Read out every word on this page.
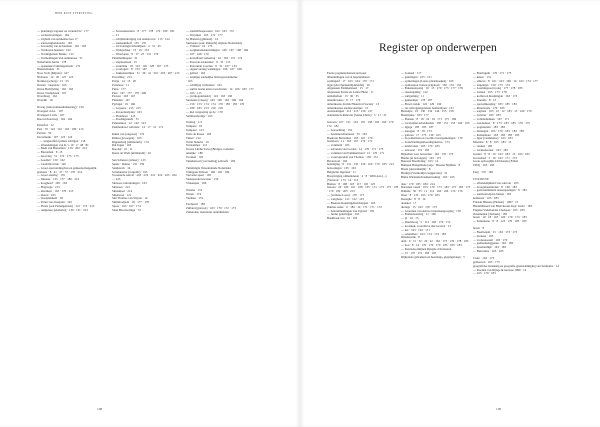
HIER RUST STERVELING
— plannings-vagoner en wrannel 62 · 177
— verdeelwoningen · 164
— vrijheid van Arnhemse leer 17
— aanwezigheidsrecht · 163
— bewoning van de heemen · 162 · 163
— Verdreven heemen · 162
— Vordingkrisen Bauke · 152
— Vermeldingen Van Ammersee · 51
Nederlands Antlie · 178
— opsteekers familiegeslacht · 172
Nieuwemolen · 31
Noor Toch (Mijnen) · 107
Nicholas · 14 · 20 · 125 · 125
Notities (scherp) · 15 · 23
Ouwen · Oosterde · 163
Ouwe Bedrijvling · 162 · 163
Ouwe Vrederhoek · 167
Overdloeg · 162
Overdin · 19
Ovaag (Autoventurenbeheering) · 120
Overppel d.d.n. · 107
Ovenppel d.d.m. · 107
Rooverdvoerweg · 162 · 164
Paranfox · 12
Pers · 70 · 123 · 161 · 163 · 180 · 213
Patrick · 50
Pacaamenk · 107 · 123 · 124
— aangetaffen tyzburs schilgon · 118
— afhandelingen van R. v. 10 · 2 · 48 · 81
— Baek van Barnamen · 159 · 202 · 212
— Barnamen · E. 15
— beroving · 51 · 172 · 173 · 175
— boeddel · 159 · 162
— Carebijn/velde · 120
— Groot aanvaarding/ties en gemeenschappelijk
gesloten · 8 · 21 · 27 · 37 · 170 · 214
— Groot aanslag · 155
— Inhouse · 135 · 177 · 180 · 214
— hooghead · 109 · 163
— Hogwege · 213
— meetheer · 163 · 170 · 213
— meren · 163
— Oostplakheid · 18
— Polen van Oostplan · 163
— Plaats (ook Pamelgebrien) · 121 · 173 · 213
— religieuze geladering · 130 · 131 · 213
— Secessienatieve · 8 · 177 · 178 · 179 · 180 · 181
— 31
— schijnbedreiging van Anderoven · 113 · 124
— sterkaamholf · 135 · 170
— vervoeringsverbenlijnen · 4 · 31 · 45
— Wangschaer · 13 · 19 · 133
— Waarlopen · 8 · 17 · 25 · 131 · 170
Pieterhemkopen · 31
— stepdoeltoen · 15
— onderdak · 18 · 123 · 126 · 128 · 167 · 173
— voorlogert · 8 · 153 · 167
— Zakkentermine · 31 · 36 · 41 · 201 · 205 · 207 · 213
Porcelling · 213
Pottje · 14 · 15 · 20
Potsmore · 11
Putse · 177
Pure · 167 · 177 · 179 · 209
Pactere · 163 · 167
Puntelen · 167
Pyringel · 19 · 166
— Goyarne · 213 · 213
— Roverderzijden · 163
— Plandeoor · 213
— Poedingsteeds · 31
Pelanenkoe · 12 · 102 · 123
Peelmenbool verbinde · 14 · 17 · 31 · 171
Rokie van (ongotoe) · 174
Rimes (gevoegen) · 163
Rippenburg (ultimatum) · 174
Rut Ingen · 163
Roodsjt · 10 · 11
Route de Wadt (ultimatum) · 22
San Scheizer (arbuer) · 123
Sanns · Dunne · 135 · 159
Sentletech · 16
Scramieerne (volgelds) · 163
Scosteerde aanval · 218 · 219 · 221 · 222 · 223 · 224
— 225
Sintsoos rolrederingen · 163
Sintsoon · 213
Sinsumoel · 214
Smersoon · 121
Sint Thomas van Siqvan · 14
Smittitoeljede · 18 · 177 · 178
Spoor · 163 · 167 · 174
Steel Bloodsolinge · 74
— sterkditbespoosten · 162 · 163 · 172
— Oraymen · 163 · 172 · 177
St. Barleen (gilmand) · 14
Surrnaare (ook: Ruiterde) Alpines Nederlands
— Vrinnen · 16 · 173
— oorghebrokaanvullingen · 166 · 167 · 168 · 169
— 167 · 168 · 170
— koloalfatal verkering · 16 · 165 · 172 · 174
— Roovele-zarkeenter · 8 · 31 · 113
— Rotorulde voorden · 8 · 31 · 107 · 134
— regeervorzing werkingen · 166 · 167 · 168
— gebied · 163
— terplijke aanbelijke bubrogorestelnerke
· 163
— schiltijng verbuieres · 163
— surma bestet etterot wechwien · 14 · 106 · 183 · 177
— 163 · 113
— (verijogenmaeld) · 124 · 163 · 160
Sternante (vbeen) · 163 · 169 · 163 · 169 · 164
— 156 · 153 · 174 · 174 · 170 · 183 · 183 · 170
— 180 · 183 · 213 · 216 · 218
— met vergoeting op de · 170
Seltmoerbodige · 163
Toeling · 117
Tempete · 18
Tempant · 123
Testa de Rosse · 163
Tinsel · 212
Tottat Siderbe · 16
Totteanmos · 112
Towns Lindle Swiss (Bridges, toeleden
ameijke · 180
Toonkel · 163
Tuindenroat (vorcteeling) schroefs · 182
Tuinmingle Vereenidende Nederland
Trimppen Sitboen · 160 · 163 · 180
Vervante speel · 163
Vestepoede bewoner · 150
Vlakenpen · 166
Waams · 174
Waren · 174
Veulean · 174
Eerdpeari · 183
Zulland (gravoet) · 163 · 170 · 172 · 173
Zuilenden, daaronder onderhielden
108
Register op onderwerpen
Eerste pogmenplaatsen/antvoeer
afhandelingen van al hapelenduren
aardingeld · 17 · 163 · 164 · 170 · 171
afgas (zie Opranenbijdelenfel) · 19
Afgesneen Elemkelsteed · 15 · 17
Afgesneen Eerste en Latere Hulst · 17
ambsthaften · 13 · 30 · 35
amerikcaanse · 8 · 17 · 170
Amerikaans Jewish Historical Society · 13
Amerikaanse stedenconstipte · 15
Anvendeligen · 213 · 215 · 216 · 217
Aantemisch-Rabroter (Sanse Chrits) · 3 · 17 · 21
bawoen · 107 · 151 · 154 · 155 · 158 · 163 · 169 · 170
172 · 182
— bewoeming · 152
— bestemorellonieren · 55 · 163
Boekvan Barnamen · 163 · 167 · 170
besteloen · 11 · 163 · 167 · 170 · 171
— volument · 103
— zelvenen van Lorden · 14 · 170 · 171 · 175
— volumen van Pammermond · 15 · 170 · 171
— voorrapecelen van Thomas · 130 · 131
Beverstoel · 163
beleniging · 8 · 131 · 135 · 150 · 160 · 170 · 183 · 213
belooringen · 135 · 163
Belgische Ogerand · 11
Bosyrtriging omheinderen · 4 · 8 · Willi Aan (...)
(Verterok · 173 · 14 · 113
Bamon · 8 · 108 · 118 · 117 · 118 · 123
bazoen · 20 · 100 · 101 · 108 · 135 · 171 · 173 · 175 · 178
· 170 · 182 · 205 · 213
— (verbene Loon) · 170 · 173
— vangbene · 121 · 122 · 123
— Beenest Ronsmigebedchappen · 163
Ruimte ouder · 6 · 182 · 14 · 171 · 171 · 172
— belerelmeidingen van Ugraad · 159
— ferder gelevingen · 165
Boekhoek van · 10 · 103
— boekeel · 117
— gemilagen · 105 · 151
— opmeringen (Lanso plaatshoeken) · 163
— opmaadoor brance prigatoen · 150 · 153 · 154
— Bokstantopeng · 16 · 13 · 170 · 175 · 177 · 178
— resuangdiing · 122
— surlgeming · 11
— gemeenten · 178 · 187
— Bowrt nolde · 122 · 129 · 190
— ras onfrogenigetanste bemandtyen · 131
Bestanjte · 19 · 130 · 134 · 144 · 155 · 158
Bestrtipine · 183 · 177
— Bonsen · 8 · 18 · 19 · 19 · 171 · 175 · 186
— vervlomen nelwisheden · 150 · 151 · 153 · 160 · 163
— ligsge · 183 · 185 · 187
— anoegen · 8 · 18 · 173
— gaboen · 17 · 173 · 130 · 163
— de pollermen en voorblo boostgemeingen · 170
— bouwbanlingenbooningsiesttos · 173
— beldevolen · 163 · 170 · 183
— anwoost · 174 · 183
Bijnamen voor bewerden · 163 · 170 · 173
Bieme (in bevongen) · 163 · 173
Bouwen Boomvlieg · 163 · 14
Bumpen Hangemade (ae)e · Baaster Nijmien · 8
Brede (drevenheijm) · 8
Broilijn (Vaamoliijn zwijgeraten) · 31
Biebe Wielandschaamenraaking · 163 · 165
daer · 170 · 183 · 184 · 214
Darreleer veselt · 163 · 170 · 173 · 183 · 173 · 183 · 173
Dalhuis · 50 · 55 · 11 · 112 · 160 · 166 · 174 · 176
Ouer · 8 · 135 · 163 · 170 · 183
Deaaghe · 8 · 8 · 14
deonkel · 17
diolage · 15 · 163 · 170 · 173
— Groomen van Aslavo bruoniaangooging · 130
— Bomenwarsing · 11 · 160
— pl · 16 · 15
— Diensboog · 5 · 113 · 160 · 170 · 172
— nrosmak, voorzittrve met Graven · 13
— het · 163 · 163 · 171
— omendlers · 163 · 174 · 174 · 183
Dinsbereide · 8
dom · 6 · 15 · 32 · 20 · 22 · 162 · 173 · 170 · 178 · 183
— bon · 8 · 14 · 170 · 170 · 170 · 183 · 183 · 183
— Keuredoormijnen Ryngde 4 Karsteren
— 15 · 170 · 172 · 183 · 187
Dijkplaats gebruiken en heersings, giepingslangs · 5
— Borringelk · 170 · 171 · 175
— keuze · 131
— smieve · 8 · 161 · 163 · 169 · 14 · 163 · 174 · 177
— tenjentjes · 150 · 173 · 174
— Leemingeoolt (ook) · 177 · 178 · 183
— trainen · 163 · 173 · 178
— kolfen en Rosmingde · 163 · 173
— Kneddo · 8 · 13
— sporadmeaging · 183 · 185 · 183
— minerveels · 170 · 183
— aagriest · 103 · 10 · 12 · 183 · 15 · 160 · 170
— Grivnar · 183 · 183
— voltebellehuen · 167 · 171
— zonderhoet · 8 · 173 · 183 · 185 · 170 · 175
— pogunstsnn · 183 · 183
— bissingen · 163 · 170 · 183 · 183 · 183
— huistenbare · 163 · 183 · 183 · 183
— liger (vermmeire) · 163 · 183
Moerme · 8 · 8 · 105 · 183 · 15
— rennen · 183
— vermodeerzer · 163 · 183
Grutter · 8 · 8 · 16 · 163 · 183 · 15 · 163 · 183
Grootebed · 3 · 16 · 163 · 171 · 173
Grote opbooglijk ddt Dossrin (Fallen
1963) · 163 · 183
Eerg · 170 · 183
CEROENE
— afhandelijkheid van adel eer · 163
— doorgebeemerden · 8 · 160 · 183
— gezrosiemmerte anseerpasingen · 8 · 183
— ananvertwijzen burlen · 163
kelderaar · 103 · 183
Friesde Historie (Heleen) · 1997 · 15
Bladelelbeerd van Bloh Rooks Kuy: Iwelo · 183
Engelse Vaderlandse Chalopes · 163 · 183
Ornamental (Tarbeek) · 183
horen · 10 · 18 · 165 · 160 · 170 · 173 · 183
— Kinndsene · 8 · 8 · 123 · 170 · 183 · 183
horen · 8
— Beeritelem · 15 · 163 · 173 · 173
— drenese · 103
— vredeseoonnt · 103 · 170
— gemeenteuggenen · 163 · 183
— Zeemterhijk · 163 · 183
— Belvedere · 163 · 163
Ciofe · 163 · 173
gelbeeven · 163 · 173
geograficke beteiking en geografie grasbedelinging ven Suriname · 14
— Rooden van Rijnge & leerwee 1990 · 14
— 163 · 170 · 183
109
